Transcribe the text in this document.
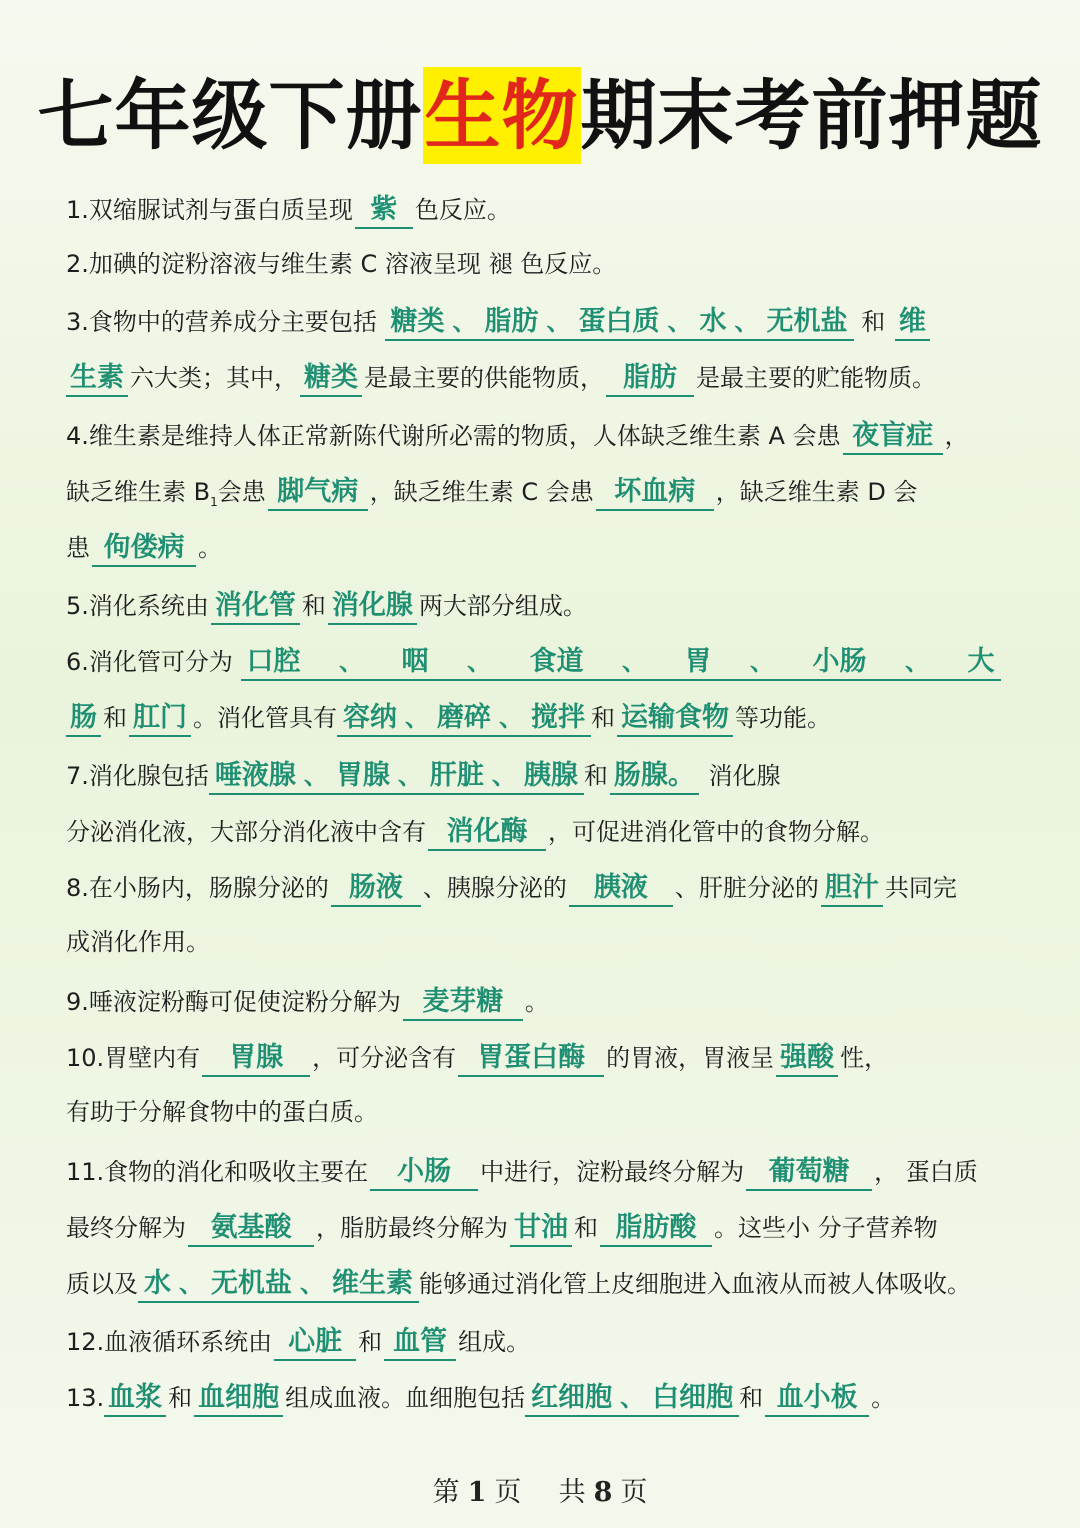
七年级下册生物期末考前押题
1.双缩脲试剂与蛋白质呈现 紫 色反应。
2.加碘的淀粉溶液与维生素 C 溶液呈现 褪 色反应。
3.食物中的营养成分主要包括 糖类 、 脂肪 、 蛋白质 、 水 、 无机盐 和 维
生素 六大类；其中， 糖类 是最主要的供能物质， 脂肪 是最主要的贮能物质。
4.维生素是维持人体正常新陈代谢所必需的物质，人体缺乏维生素 A 会患 夜盲症 ，
缺乏维生素 $B_1$会患 脚气病 ，缺乏维生素 C 会患 坏血病 ，缺乏维生素 D 会
患 佝偻病 。
5.消化系统由 消化管 和 消化腺 两大部分组成。
6.消化管可分为 口腔 、 咽 、 食道 、 胃 、 小肠 、 大
肠 和 肛门 。消化管具有 容纳 、 磨碎 、 搅拌 和 运输食物 等功能。
7.消化腺包括 唾液腺 、 胃腺 、 肝脏 、 胰腺 和 肠腺。 消化腺
分泌消化液，大部分消化液中含有 消化酶 ，可促进消化管中的食物分解。
8.在小肠内，肠腺分泌的 肠液 、胰腺分泌的 胰液 、肝脏分泌的 胆汁 共同完
成消化作用。
9.唾液淀粉酶可促使淀粉分解为 麦芽糖 。
10.胃壁内有 胃腺 ，可分泌含有 胃蛋白酶 的胃液，胃液呈 强酸 性，
有助于分解食物中的蛋白质。
11.食物的消化和吸收主要在 小肠 中进行，淀粉最终分解为 葡萄糖 ， 蛋白质
最终分解为 氨基酸 ，脂肪最终分解为 甘油 和 脂肪酸 。这些小 分子营养物
质以及 水 、 无机盐 、 维生素 能够通过消化管上皮细胞进入血液从而被人体吸收。
12.血液循环系统由 心脏 和 血管 组成。
13. 血浆 和 血细胞 组成血液。血细胞包括 红细胞 、 白细胞 和 血小板 。
第 1 页 共 8 页
